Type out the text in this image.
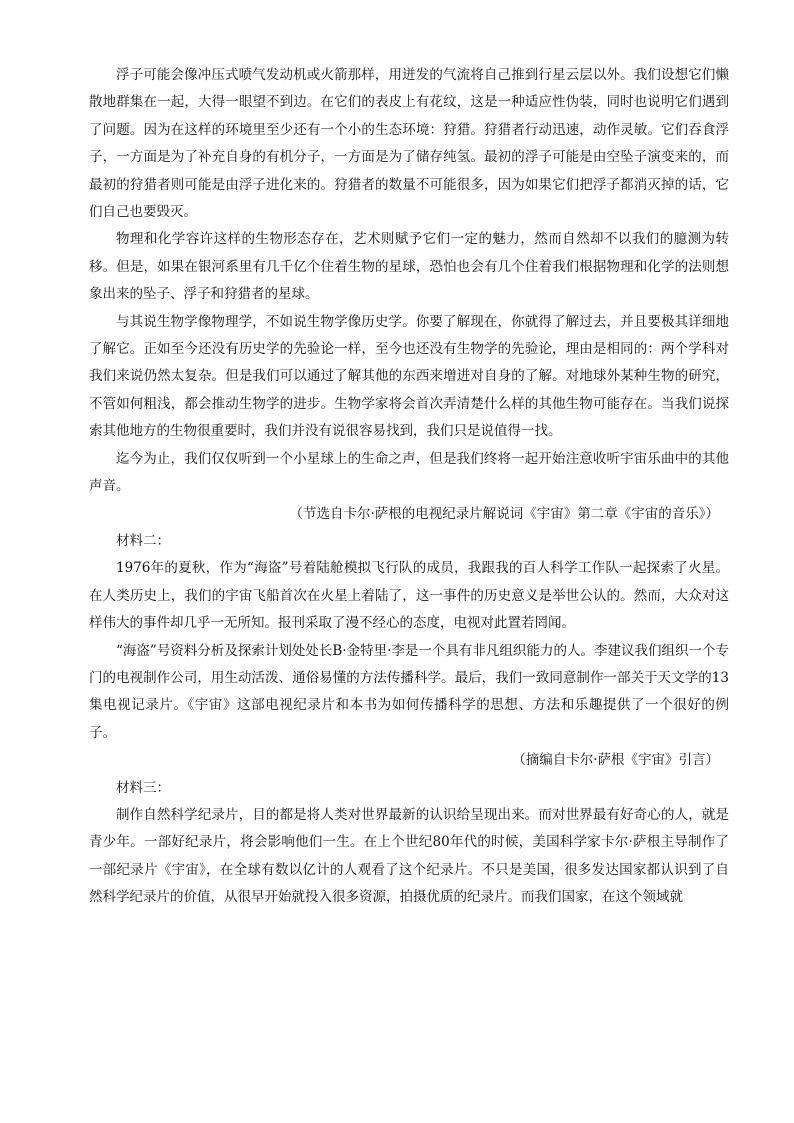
浮子可能会像冲压式喷气发动机或火箭那样，用迸发的气流将自己推到行星云层以外。我们设想它们懒散地群集在一起，大得一眼望不到边。在它们的表皮上有花纹，这是一种适应性伪装，同时也说明它们遇到了问题。因为在这样的环境里至少还有一个小的生态环境：狩猎。狩猎者行动迅速，动作灵敏。它们吞食浮子，一方面是为了补充自身的有机分子，一方面是为了储存纯氢。最初的浮子可能是由空坠子演变来的，而最初的狩猎者则可能是由浮子进化来的。狩猎者的数量不可能很多，因为如果它们把浮子都消灭掉的话，它们自己也要毁灭。

物理和化学容许这样的生物形态存在，艺术则赋予它们一定的魅力，然而自然却不以我们的臆测为转移。但是，如果在银河系里有几千亿个住着生物的星球，恐怕也会有几个住着我们根据物理和化学的法则想象出来的坠子、浮子和狩猎者的星球。

与其说生物学像物理学，不如说生物学像历史学。你要了解现在，你就得了解过去，并且要极其详细地了解它。正如至今还没有历史学的先验论一样，至今也还没有生物学的先验论，理由是相同的：两个学科对我们来说仍然太复杂。但是我们可以通过了解其他的东西来增进对自身的了解。对地球外某种生物的研究，不管如何粗浅，都会推动生物学的进步。生物学家将会首次弄清楚什么样的其他生物可能存在。当我们说探索其他地方的生物很重要时，我们并没有说很容易找到，我们只是说值得一找。

迄今为止，我们仅仅听到一个小星球上的生命之声，但是我们终将一起开始注意收听宇宙乐曲中的其他声音。

（节选自卡尔·萨根的电视纪录片解说词《宇宙》第二章《宇宙的音乐》）

材料二：

1976年的夏秋，作为“海盗”号着陆舱模拟飞行队的成员，我跟我的百人科学工作队一起探索了火星。在人类历史上，我们的宇宙飞船首次在火星上着陆了，这一事件的历史意义是举世公认的。然而，大众对这样伟大的事件却几乎一无所知。报刊采取了漫不经心的态度，电视对此置若罔闻。

“海盗”号资料分析及探索计划处处长B·金特里·李是一个具有非凡组织能力的人。李建议我们组织一个专门的电视制作公司，用生动活泼、通俗易懂的方法传播科学。最后，我们一致同意制作一部关于天文学的13集电视记录片。《宇宙》这部电视纪录片和本书为如何传播科学的思想、方法和乐趣提供了一个很好的例子。

（摘编自卡尔·萨根《宇宙》引言）

材料三：

制作自然科学纪录片，目的都是将人类对世界最新的认识给呈现出来。而对世界最有好奇心的人，就是青少年。一部好纪录片，将会影响他们一生。在上个世纪80年代的时候，美国科学家卡尔·萨根主导制作了一部纪录片《宇宙》，在全球有数以亿计的人观看了这个纪录片。不只是美国，很多发达国家都认识到了自然科学纪录片的价值，从很早开始就投入很多资源，拍摄优质的纪录片。而我们国家，在这个领域就
